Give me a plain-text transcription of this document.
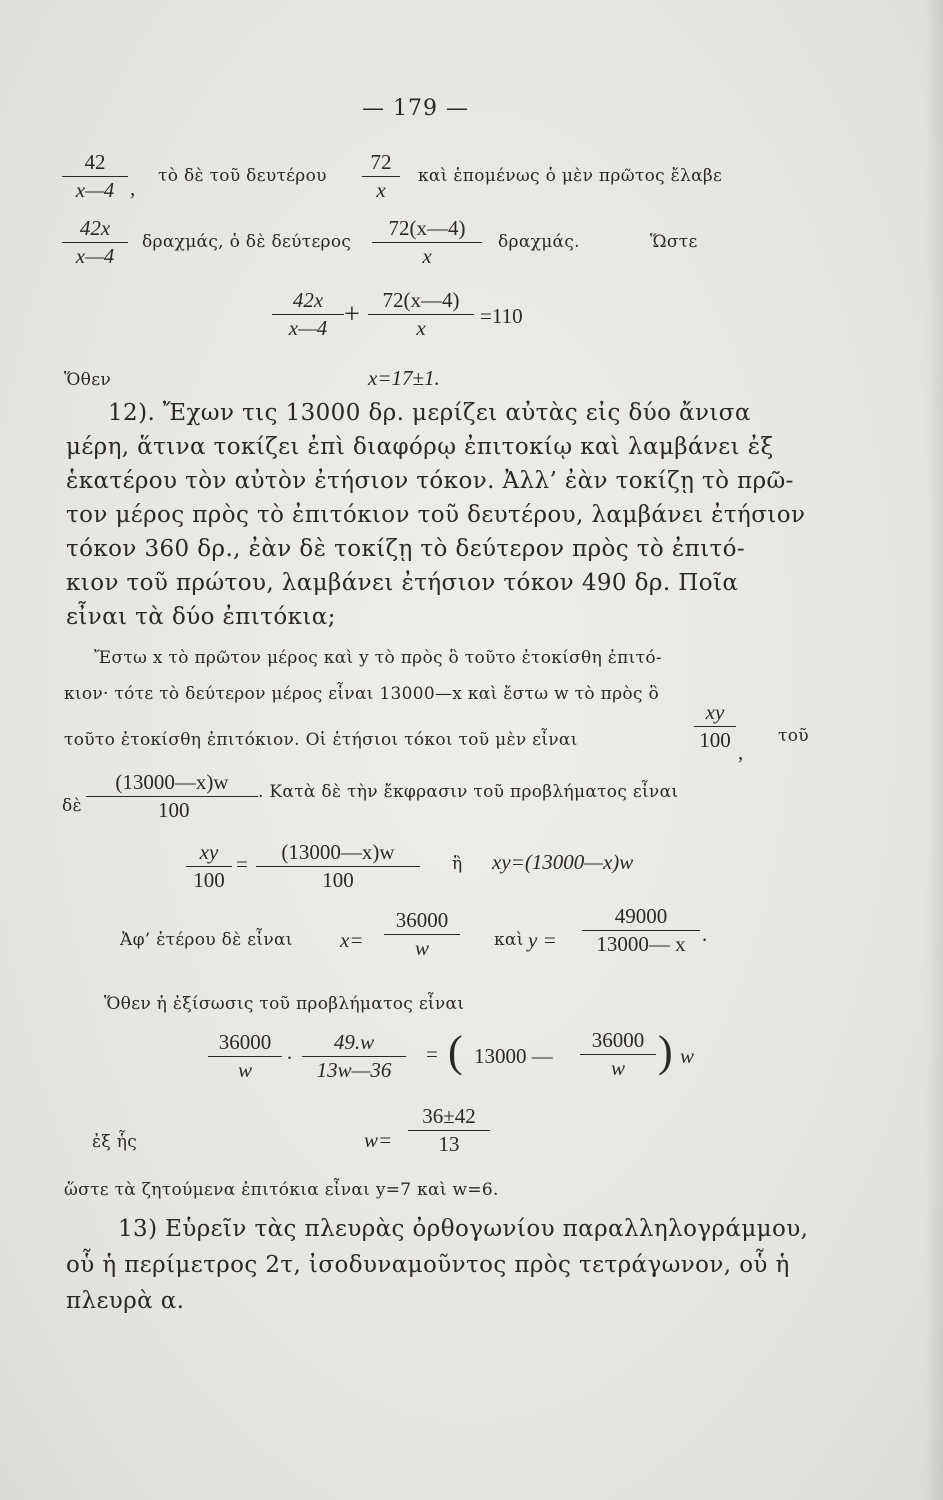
— 179 —
42
x—4 , τὸ δὲ τοῦ δευτέρου
72
x
καὶ ἑπομένως ὁ μὲν πρῶτος ἔλαβε
42x
x—4
δραχμάς, ὁ δὲ δεύτερος
72(x—4)
x
δραχμάς.	Ὥστε
42x
x—4 +	72(x—4)
x	=110
Ὅθεν	x=17±1.
12). Ἔχων τις 13000 δρ. μερίζει αὐτὰς εἰς δύο ἄνισα
μέρη, ἅτινα τοκίζει ἐπὶ διαφόρῳ ἐπιτοκίῳ καὶ λαμβάνει ἐξ
ἑκατέρου τὸν αὐτὸν ἐτήσιον τόκον. Ἀλλ’ ἐὰν τοκίζῃ τὸ πρῶ-
τον μέρος πρὸς τὸ ἐπιτόκιον τοῦ δευτέρου, λαμβάνει ἐτήσιον
τόκον 360 δρ., ἐὰν δὲ τοκίζῃ τὸ δεύτερον πρὸς τὸ ἐπιτό-
κιον τοῦ πρώτου, λαμβάνει ἐτήσιον τόκον 490 δρ. Ποῖα
εἶναι τὰ δύο ἐπιτόκια;
Ἔστω x τὸ πρῶτον μέρος καὶ y τὸ πρὸς ὃ τοῦτο ἐτοκίσθη ἐπιτό-
κιον· τότε τὸ δεύτερον μέρος εἶναι 13000—x καὶ ἔστω w τὸ πρὸς ὃ
τοῦτο ἐτοκίσθη ἐπιτόκιον. Οἱ ἐτήσιοι τόκοι τοῦ μὲν εἶναι
xy
100 ,
τοῦ
δὲ
(13000—x)w
100
. Κατὰ δὲ τὴν ἔκφρασιν τοῦ προβλήματος εἶναι
xy
100
=	(13000—x)w
100
ἢ xy=(13000—x)w
Ἀφ’ ἑτέρου δὲ εἶναι x=
36000
w	καὶ y =
49000
13000— x .
Ὅθεν ἡ ἐξίσωσις τοῦ προβλήματος εἶναι
36000
w	·
49.w
13w—36
= ( 13000 —
36000
w ) w
ἐξ ἧς	w=
36±42
13
ὥστε τὰ ζητούμενα ἐπιτόκια εἶναι y=7 καὶ w=6.
13) Εὑρεῖν τὰς πλευρὰς ὀρθογωνίου παραλληλογράμμου,
οὗ ἡ περίμετρος 2τ, ἰσοδυναμοῦντος πρὸς τετράγωνον, οὗ ἡ
πλευρὰ α.
